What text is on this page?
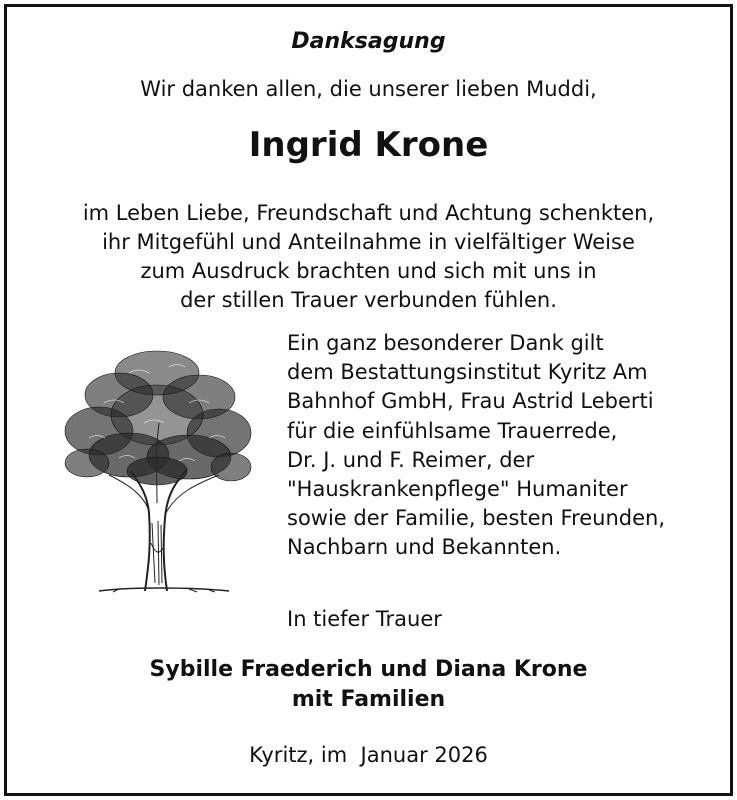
Danksagung
Wir danken allen, die unserer lieben Muddi,
Ingrid Krone
im Leben Liebe, Freundschaft und Achtung schenkten,
ihr Mitgefühl und Anteilnahme in vielfältiger Weise
zum Ausdruck brachten und sich mit uns in
der stillen Trauer verbunden fühlen.
Ein ganz besonderer Dank gilt
dem Bestattungsinstitut Kyritz Am
Bahnhof GmbH, Frau Astrid Leberti
für die einfühlsame Trauerrede,
Dr. J. und F. Reimer, der
"Hauskrankenpflege" Humaniter
sowie der Familie, besten Freunden,
Nachbarn und Bekannten.
In tiefer Trauer
Sybille Fraederich und Diana Krone
mit Familien
Kyritz, im  Januar 2026
